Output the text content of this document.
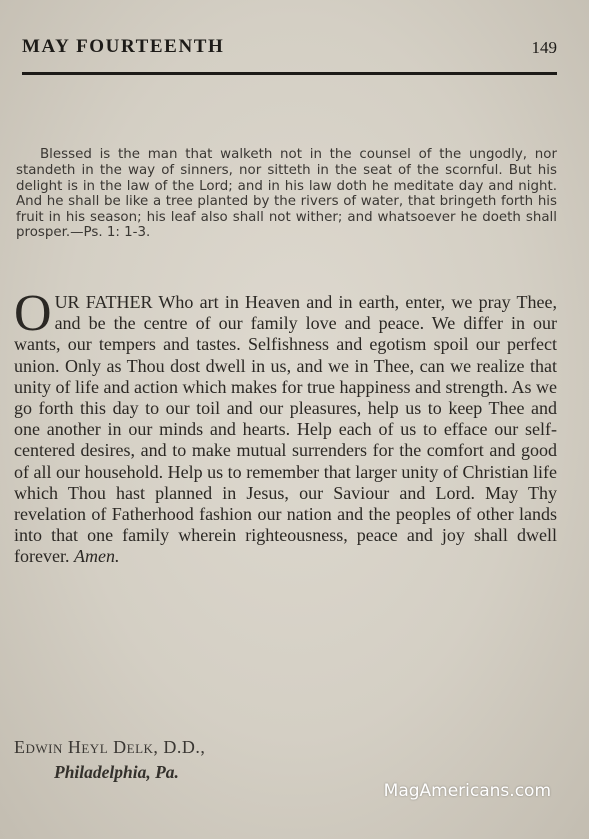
MAY FOURTEENTH	149

Blessed is the man that walketh not in the counsel of the ungodly, nor standeth in the way of sinners, nor sitteth in the seat of the scornful. But his delight is in the law of the Lord; and in his law doth he meditate day and night. And he shall be like a tree planted by the rivers of water, that bringeth forth his fruit in his season; his leaf also shall not wither; and whatsoever he doeth shall prosper.—Ps. 1: 1-3.

OUR FATHER Who art in Heaven and in earth, enter, we pray Thee, and be the centre of our family love and peace. We differ in our wants, our tempers and tastes. Selfishness and egotism spoil our perfect union. Only as Thou dost dwell in us, and we in Thee, can we realize that unity of life and action which makes for true happiness and strength. As we go forth this day to our toil and our pleasures, help us to keep Thee and one another in our minds and hearts. Help each of us to efface our self-centered desires, and to make mutual surrenders for the comfort and good of all our household. Help us to remember that larger unity of Christian life which Thou hast planned in Jesus, our Saviour and Lord. May Thy revelation of Fatherhood fashion our nation and the peoples of other lands into that one family wherein righteousness, peace and joy shall dwell forever. Amen.
Edwin Heyl Delk, D.D.,
Philadelphia, Pa.
MagAmericans.com
